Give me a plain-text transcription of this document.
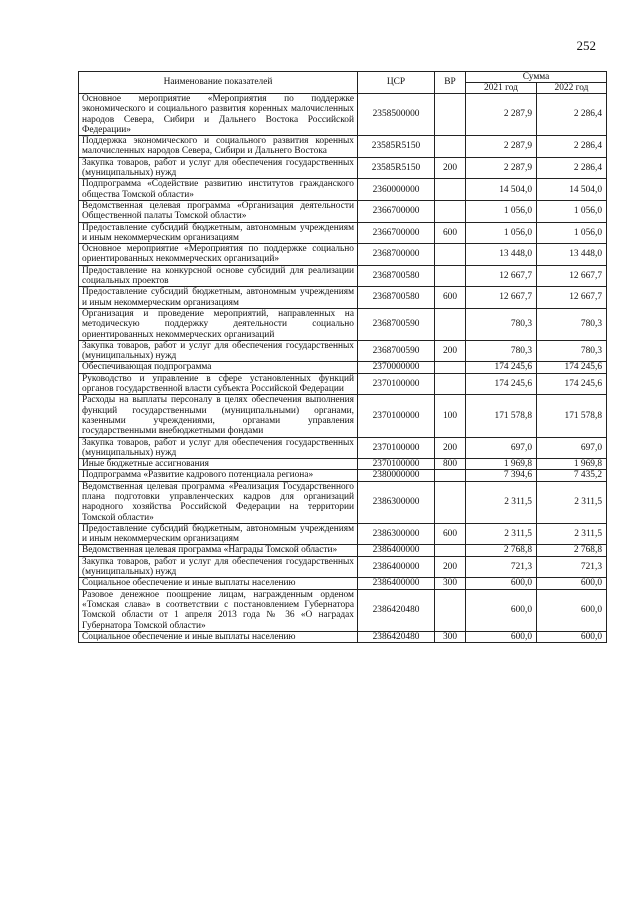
252
Наименование показателей	ЦСР	ВР	Сумма	
			2021 год	2022 год
Основное мероприятие «Мероприятия по поддержке экономического и социального развития коренных малочисленных народов Севера, Сибири и Дальнего Востока Российской Федерации»	2358500000		2 287,9	2 286,4
Поддержка экономического и социального развития коренных малочисленных народов Севера, Сибири и Дальнего Востока	23585R5150		2 287,9	2 286,4
Закупка товаров, работ и услуг для обеспечения государственных (муниципальных) нужд	23585R5150	200	2 287,9	2 286,4
Подпрограмма «Содействие развитию институтов гражданского общества Томской области»	2360000000		14 504,0	14 504,0
Ведомственная целевая программа «Организация деятельности Общественной палаты Томской области»	2366700000		1 056,0	1 056,0
Предоставление субсидий бюджетным, автономным учреждениям и иным некоммерческим организациям	2366700000	600	1 056,0	1 056,0
Основное мероприятие «Мероприятия по поддержке социально ориентированных некоммерческих организаций»	2368700000		13 448,0	13 448,0
Предоставление на конкурсной основе субсидий для реализации социальных проектов	2368700580		12 667,7	12 667,7
Предоставление субсидий бюджетным, автономным учреждениям и иным некоммерческим организациям	2368700580	600	12 667,7	12 667,7
Организация и проведение мероприятий, направленных на методическую поддержку деятельности социально ориентированных некоммерческих организаций	2368700590		780,3	780,3
Закупка товаров, работ и услуг для обеспечения государственных (муниципальных) нужд	2368700590	200	780,3	780,3
Обеспечивающая подпрограмма	2370000000		174 245,6	174 245,6
Руководство и управление в сфере установленных функций органов государственной власти субъекта Российской Федерации	2370100000		174 245,6	174 245,6
Расходы на выплаты персоналу в целях обеспечения выполнения функций государственными (муниципальными) органами, казенными учреждениями, органами управления государственными внебюджетными фондами	2370100000	100	171 578,8	171 578,8
Закупка товаров, работ и услуг для обеспечения государственных (муниципальных) нужд	2370100000	200	697,0	697,0
Иные бюджетные ассигнования	2370100000	800	1 969,8	1 969,8
Подпрограмма «Развитие кадрового потенциала региона»	2380000000		7 394,6	7 435,2
Ведомственная целевая программа «Реализация Государственного плана подготовки управленческих кадров для организаций народного хозяйства Российской Федерации на территории Томской области»	2386300000		2 311,5	2 311,5
Предоставление субсидий бюджетным, автономным учреждениям и иным некоммерческим организациям	2386300000	600	2 311,5	2 311,5
Ведомственная целевая программа «Награды Томской области»	2386400000		2 768,8	2 768,8
Закупка товаров, работ и услуг для обеспечения государственных (муниципальных) нужд	2386400000	200	721,3	721,3
Социальное обеспечение и иные выплаты населению	2386400000	300	600,0	600,0
Разовое денежное поощрение лицам, награжденным орденом «Томская слава» в соответствии с постановлением Губернатора Томской области от 1 апреля 2013 года № 36 «О наградах Губернатора Томской области»	2386420480		600,0	600,0
Социальное обеспечение и иные выплаты населению	2386420480	300	600,0	600,0
